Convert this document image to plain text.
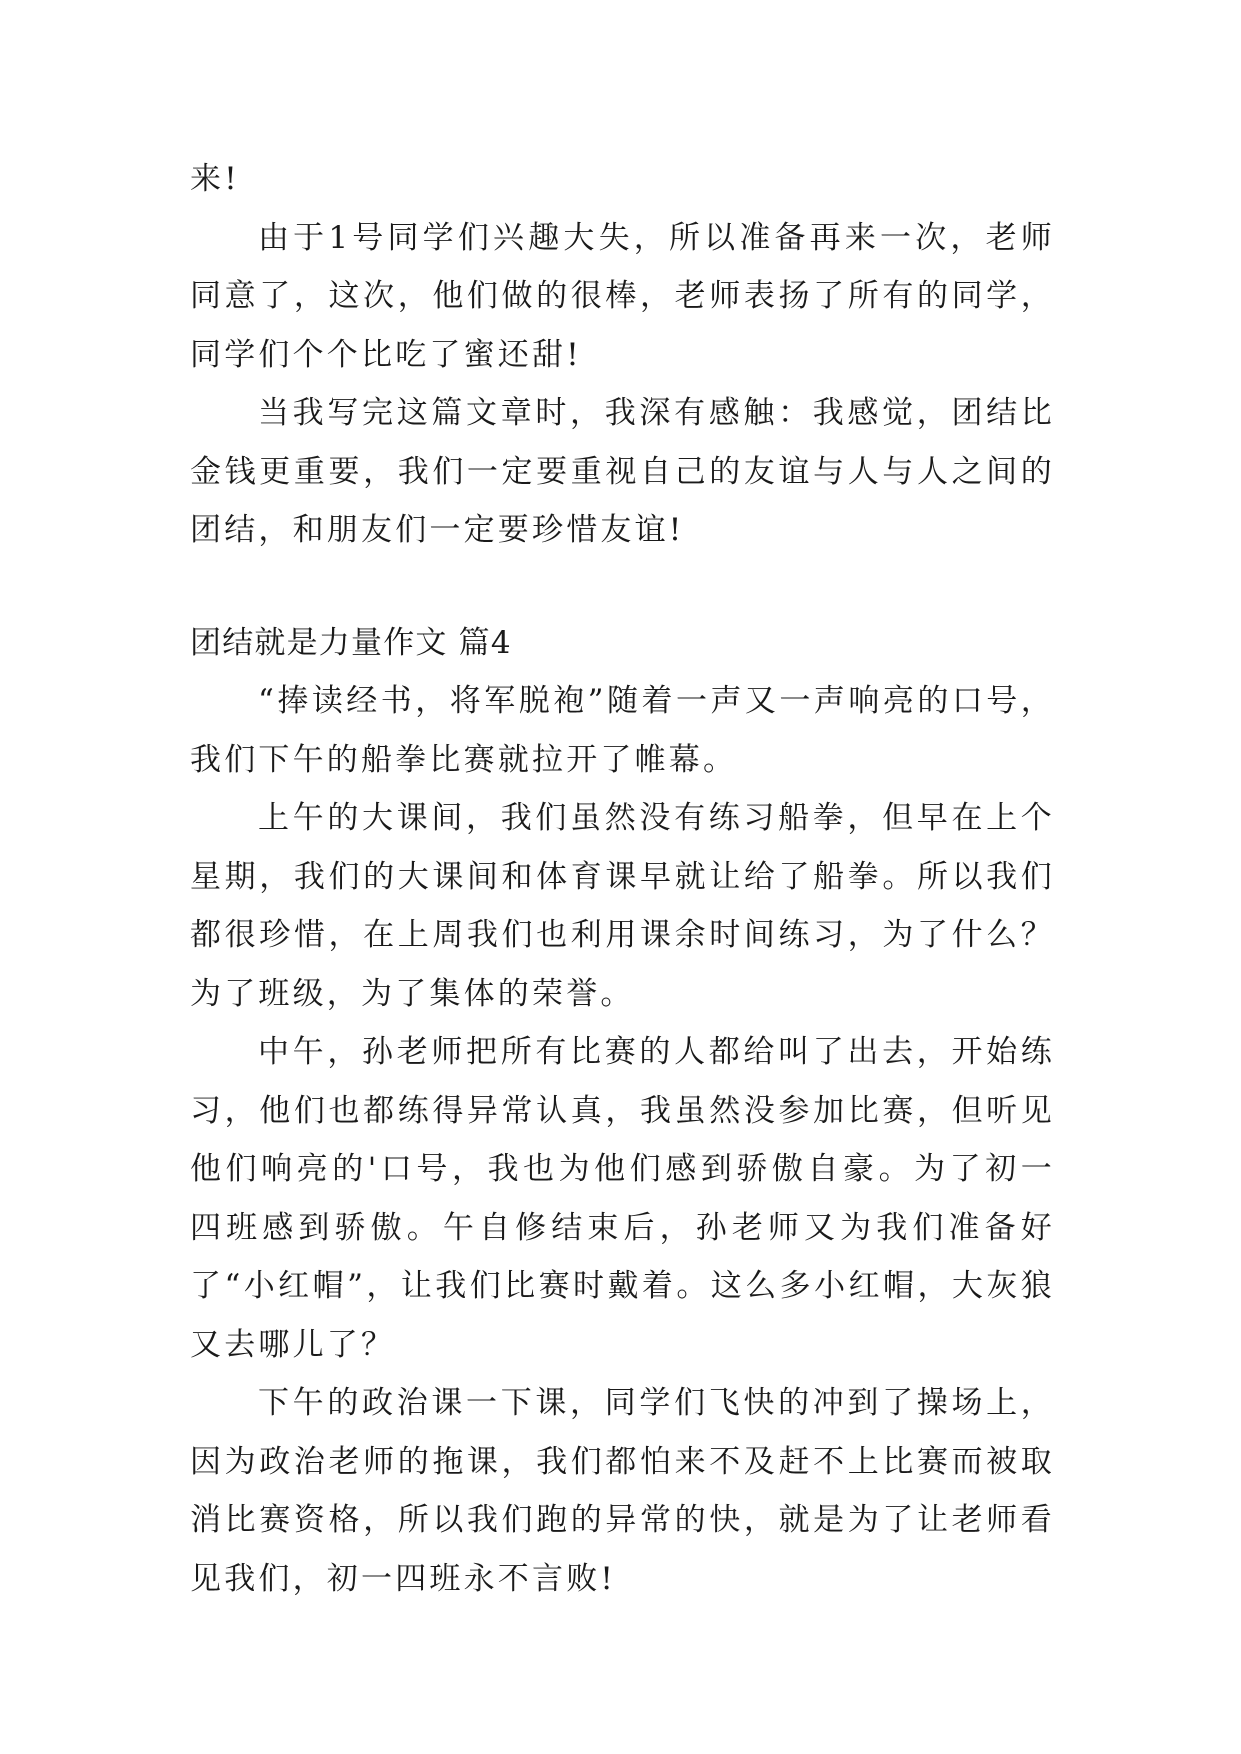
来!

由于1号同学们兴趣大失，所以准备再来一次，老师同意了，这次，他们做的很棒，老师表扬了所有的同学，同学们个个比吃了蜜还甜!

当我写完这篇文章时，我深有感触：我感觉，团结比金钱更重要，我们一定要重视自己的友谊与人与人之间的团结，和朋友们一定要珍惜友谊!

团结就是力量作文 篇4

“捧读经书，将军脱袍”随着一声又一声响亮的口号，我们下午的船拳比赛就拉开了帷幕。

上午的大课间，我们虽然没有练习船拳，但早在上个星期，我们的大课间和体育课早就让给了船拳。所以我们都很珍惜，在上周我们也利用课余时间练习，为了什么？为了班级，为了集体的荣誉。

中午，孙老师把所有比赛的人都给叫了出去，开始练习，他们也都练得异常认真，我虽然没参加比赛，但听见他们响亮的'口号，我也为他们感到骄傲自豪。为了初一四班感到骄傲。午自修结束后，孙老师又为我们准备好了“小红帽”，让我们比赛时戴着。这么多小红帽，大灰狼又去哪儿了？

下午的政治课一下课，同学们飞快的冲到了操场上，因为政治老师的拖课，我们都怕来不及赶不上比赛而被取消比赛资格，所以我们跑的异常的快，就是为了让老师看见我们，初一四班永不言败!
